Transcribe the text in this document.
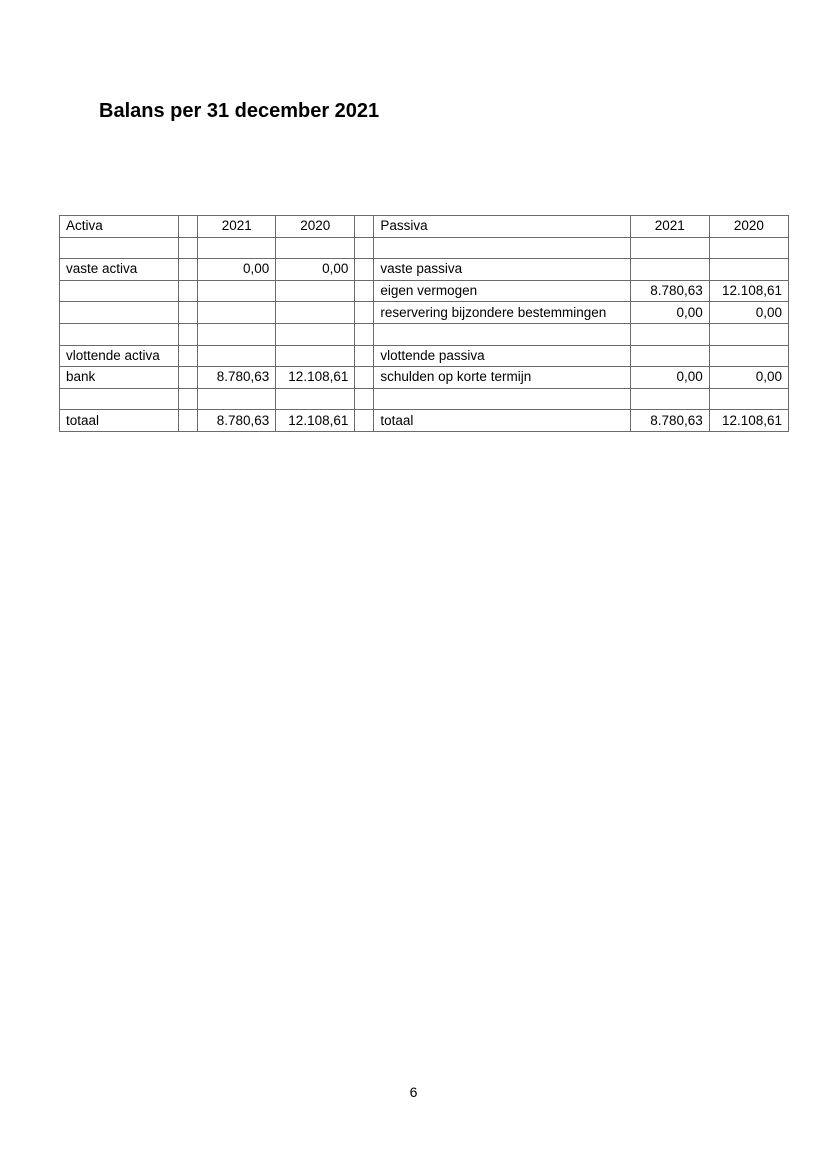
Balans per 31 december 2021
Activa		2021	2020		Passiva	2021	2020

vaste activa		0,00	0,00		vaste passiva		
					eigen vermogen	8.780,63	12.108,61
					reservering bijzondere bestemmingen	0,00	0,00

vlottende activa					vlottende passiva		
bank		8.780,63	12.108,61		schulden op korte termijn	0,00	0,00

totaal		8.780,63	12.108,61		totaal	8.780,63	12.108,61
6
